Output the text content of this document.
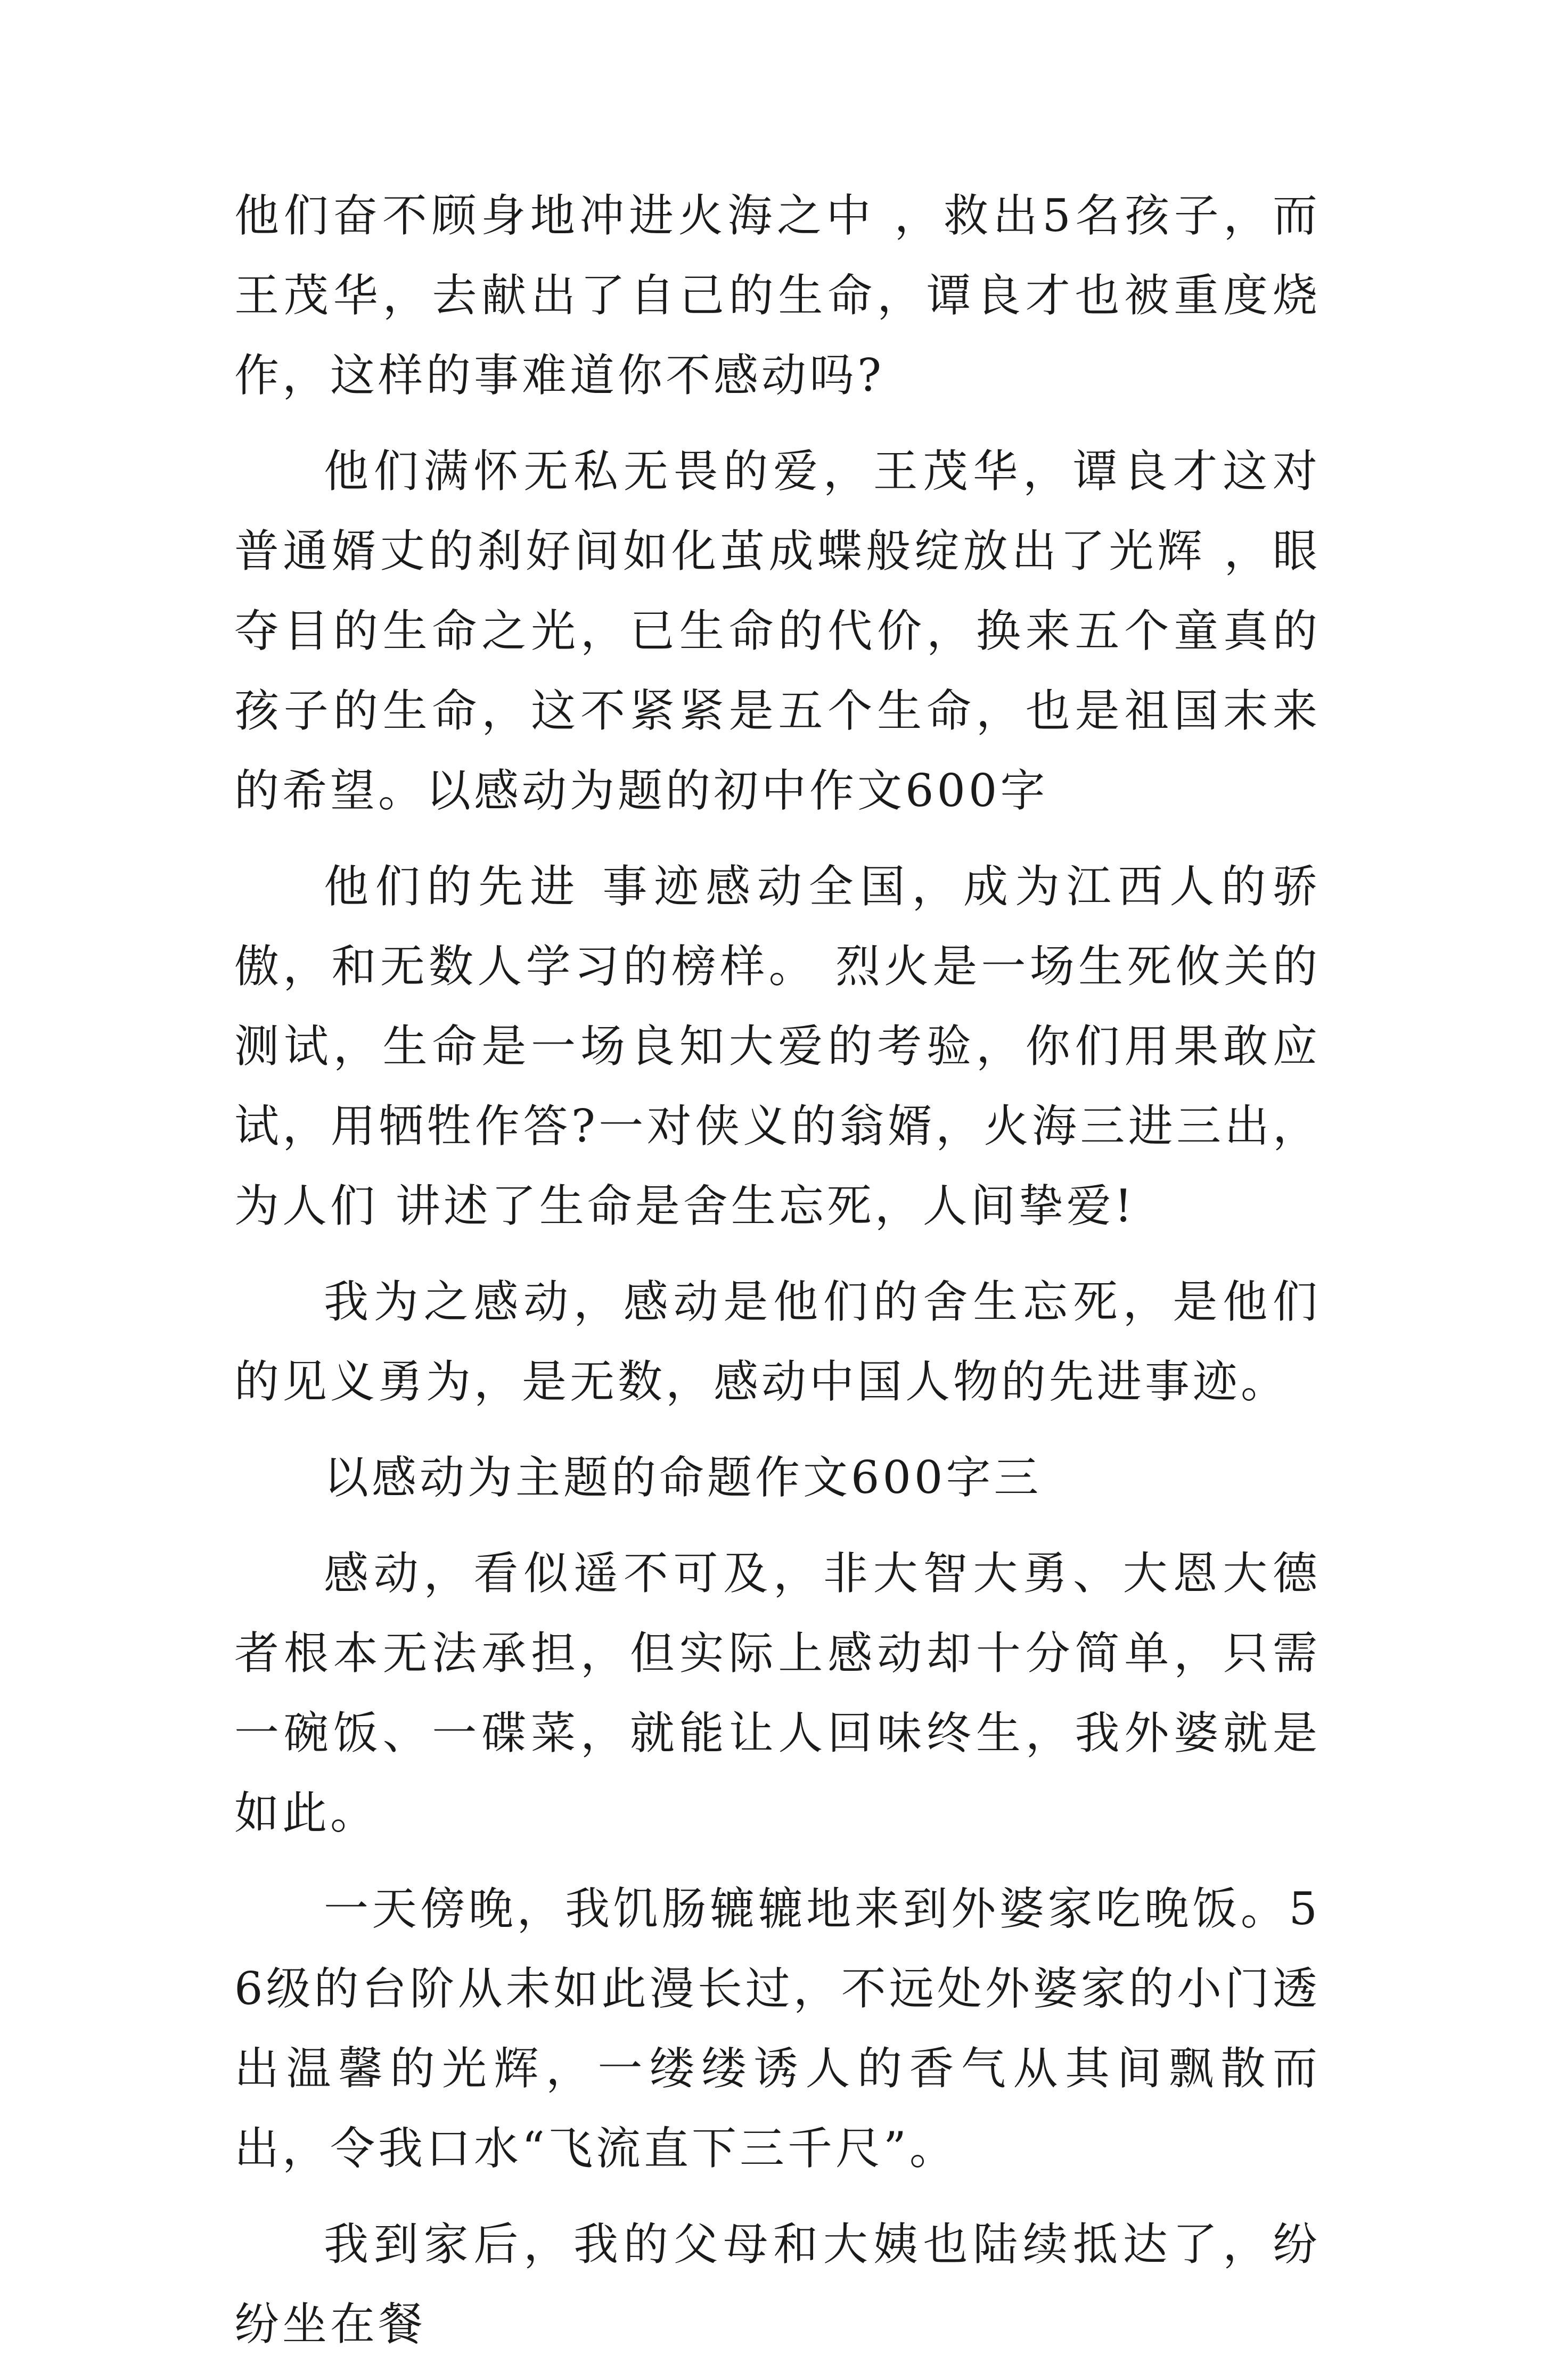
他们奋不顾身地冲进火海之中 ，救出5名孩子，而王茂华，去献出了自己的生命，谭良才也被重度烧作，这样的事难道你不感动吗?

他们满怀无私无畏的爱，王茂华，谭良才这对普通婿丈的刹好间如化茧成蝶般绽放出了光辉 ，眼夺目的生命之光，已生命的代价，换来五个童真的孩子的生命，这不紧紧是五个生命，也是祖国末来的希望。以感动为题的初中作文600字

他们的先进 事迹感动全国，成为江西人的骄傲，和无数人学习的榜样。 烈火是一场生死攸关的测试，生命是一场良知大爱的考验，你们用果敢应试，用牺牲作答?一对侠义的翁婿，火海三进三出，为人们 讲述了生命是舍生忘死，人间挚爱!

我为之感动，感动是他们的舍生忘死，是他们的见义勇为，是无数，感动中国人物的先进事迹。

以感动为主题的命题作文600字三

感动，看似遥不可及，非大智大勇、大恩大德者根本无法承担，但实际上感动却十分简单，只需一碗饭、一碟菜，就能让人回味终生，我外婆就是如此。

一天傍晚，我饥肠辘辘地来到外婆家吃晚饭。56级的台阶从未如此漫长过，不远处外婆家的小门透出温馨的光辉，一缕缕诱人的香气从其间飘散而出，令我口水“飞流直下三千尺”。

我到家后，我的父母和大姨也陆续抵达了，纷纷坐在餐
